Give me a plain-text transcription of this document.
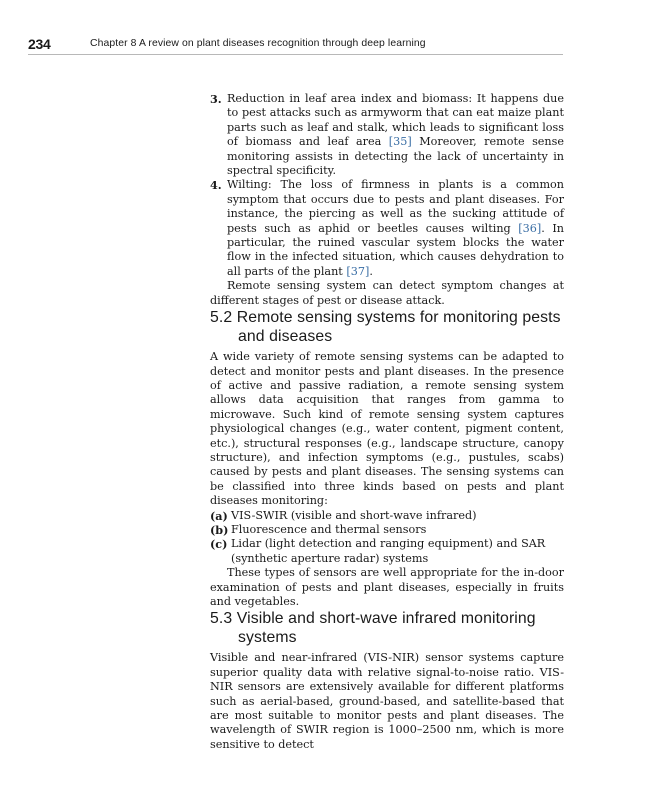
234	Chapter 8 A review on plant diseases recognition through deep learning
3. Reduction in leaf area index and biomass: It happens due to pest attacks such as armyworm that can eat maize plant parts such as leaf and stalk, which leads to significant loss of biomass and leaf area [35] Moreover, remote sense monitoring assists in detecting the lack of uncertainty in spectral specificity.
4. Wilting: The loss of firmness in plants is a common symptom that occurs due to pests and plant diseases. For instance, the piercing as well as the sucking attitude of pests such as aphid or beetles causes wilting [36]. In particular, the ruined vascular system blocks the water flow in the infected situation, which causes dehydration to all parts of the plant [37].

Remote sensing system can detect symptom changes at different stages of pest or disease attack.

5.2 Remote sensing systems for monitoring pests and diseases

A wide variety of remote sensing systems can be adapted to detect and monitor pests and plant diseases. In the presence of active and passive radiation, a remote sensing system allows data acquisition that ranges from gamma to microwave. Such kind of remote sensing system captures physiological changes (e.g., water content, pigment content, etc.), structural responses (e.g., landscape structure, canopy structure), and infection symptoms (e.g., pustules, scabs) caused by pests and plant diseases. The sensing systems can be classified into three kinds based on pests and plant diseases monitoring:

(a) VIS-SWIR (visible and short-wave infrared)
(b) Fluorescence and thermal sensors
(c) Lidar (light detection and ranging equipment) and SAR (synthetic aperture radar) systems

These types of sensors are well appropriate for the in-door examination of pests and plant diseases, especially in fruits and vegetables.

5.3 Visible and short-wave infrared monitoring systems

Visible and near-infrared (VIS-NIR) sensor systems capture superior quality data with relative signal-to-noise ratio. VIS-NIR sensors are extensively available for different platforms such as aerial-based, ground-based, and satellite-based that are most suitable to monitor pests and plant diseases. The wavelength of SWIR region is 1000–2500 nm, which is more sensitive to detect
